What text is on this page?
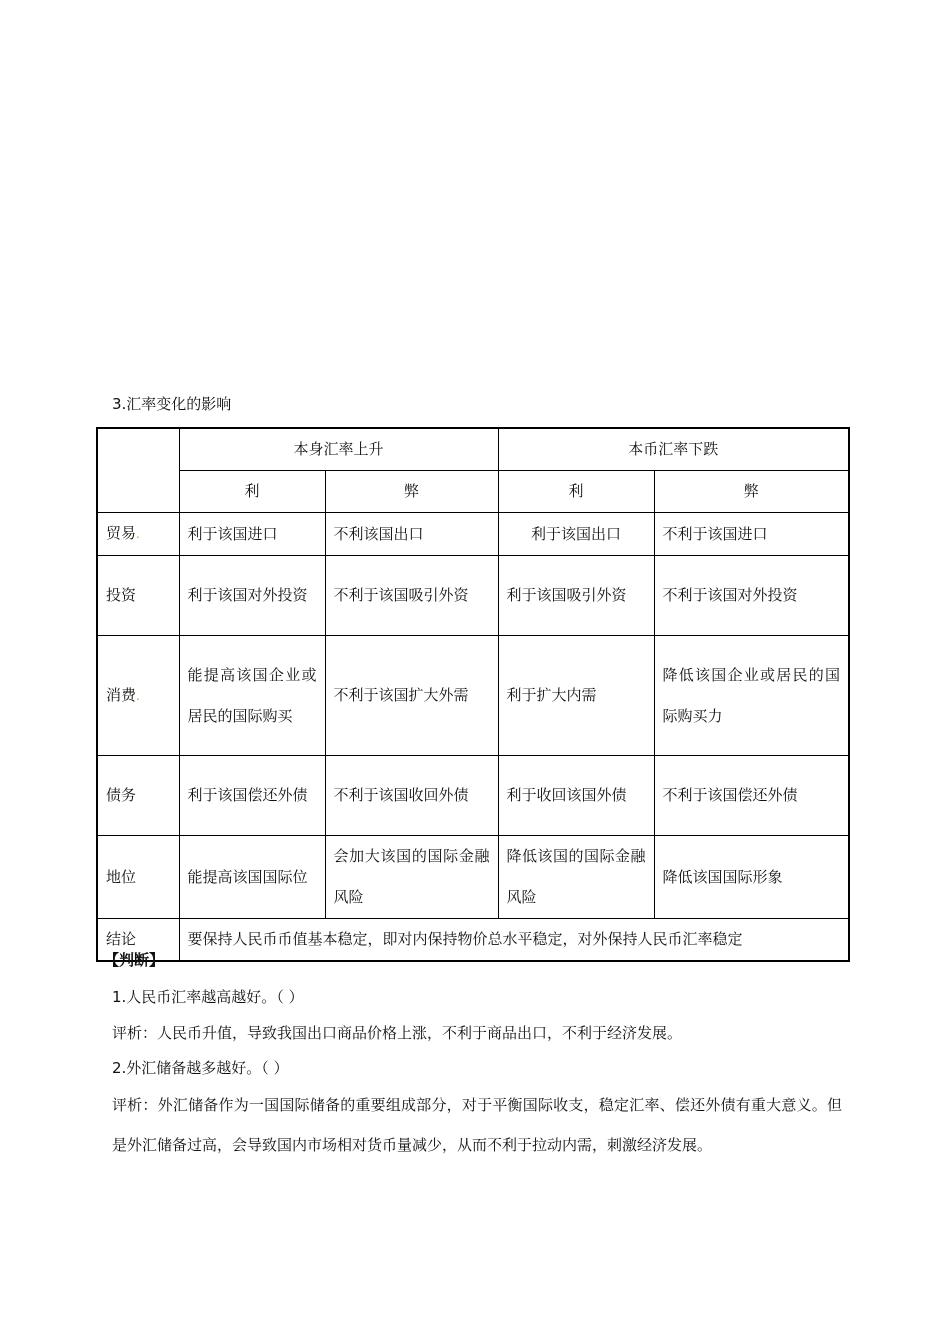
3.汇率变化的影响
	本身汇率上升		本币汇率下跌	
	利	弊	利	弊
贸易.	利于该国进口	不利该国出口	利于该国出口	不利于该国进口
投资	利于该国对外投资	不利于该国吸引外资	利于该国吸引外资	不利于该国对外投资
消费.	能提高该国企业或居民的国际购买	不利于该国扩大外需	利于扩大内需	降低该国企业或居民的国际购买力

债务	利于该国偿还外债	不利于该国收回外债	利于收回该国外债	不利于该国偿还外债
地位	能提高该国国际位	会加大该国的国际金融风险	降低该国的国际金融风险	降低该国国际形象
结论	要保持人民币币值基本稳定，即对内保持物价总水平稳定，对外保持人民币汇率稳定			
【判断】
1.人民币汇率越高越好。（ ）
评析：人民币升值，导致我国出口商品价格上涨，不利于商品出口，不利于经济发展。
2.外汇储备越多越好。（ ）
评析：外汇储备作为一国国际储备的重要组成部分，对于平衡国际收支，稳定汇率、偿还外债有重大意义。但是外汇储备过高，会导致国内市场相对货币量减少，从而不利于拉动内需，刺激经济发展。
